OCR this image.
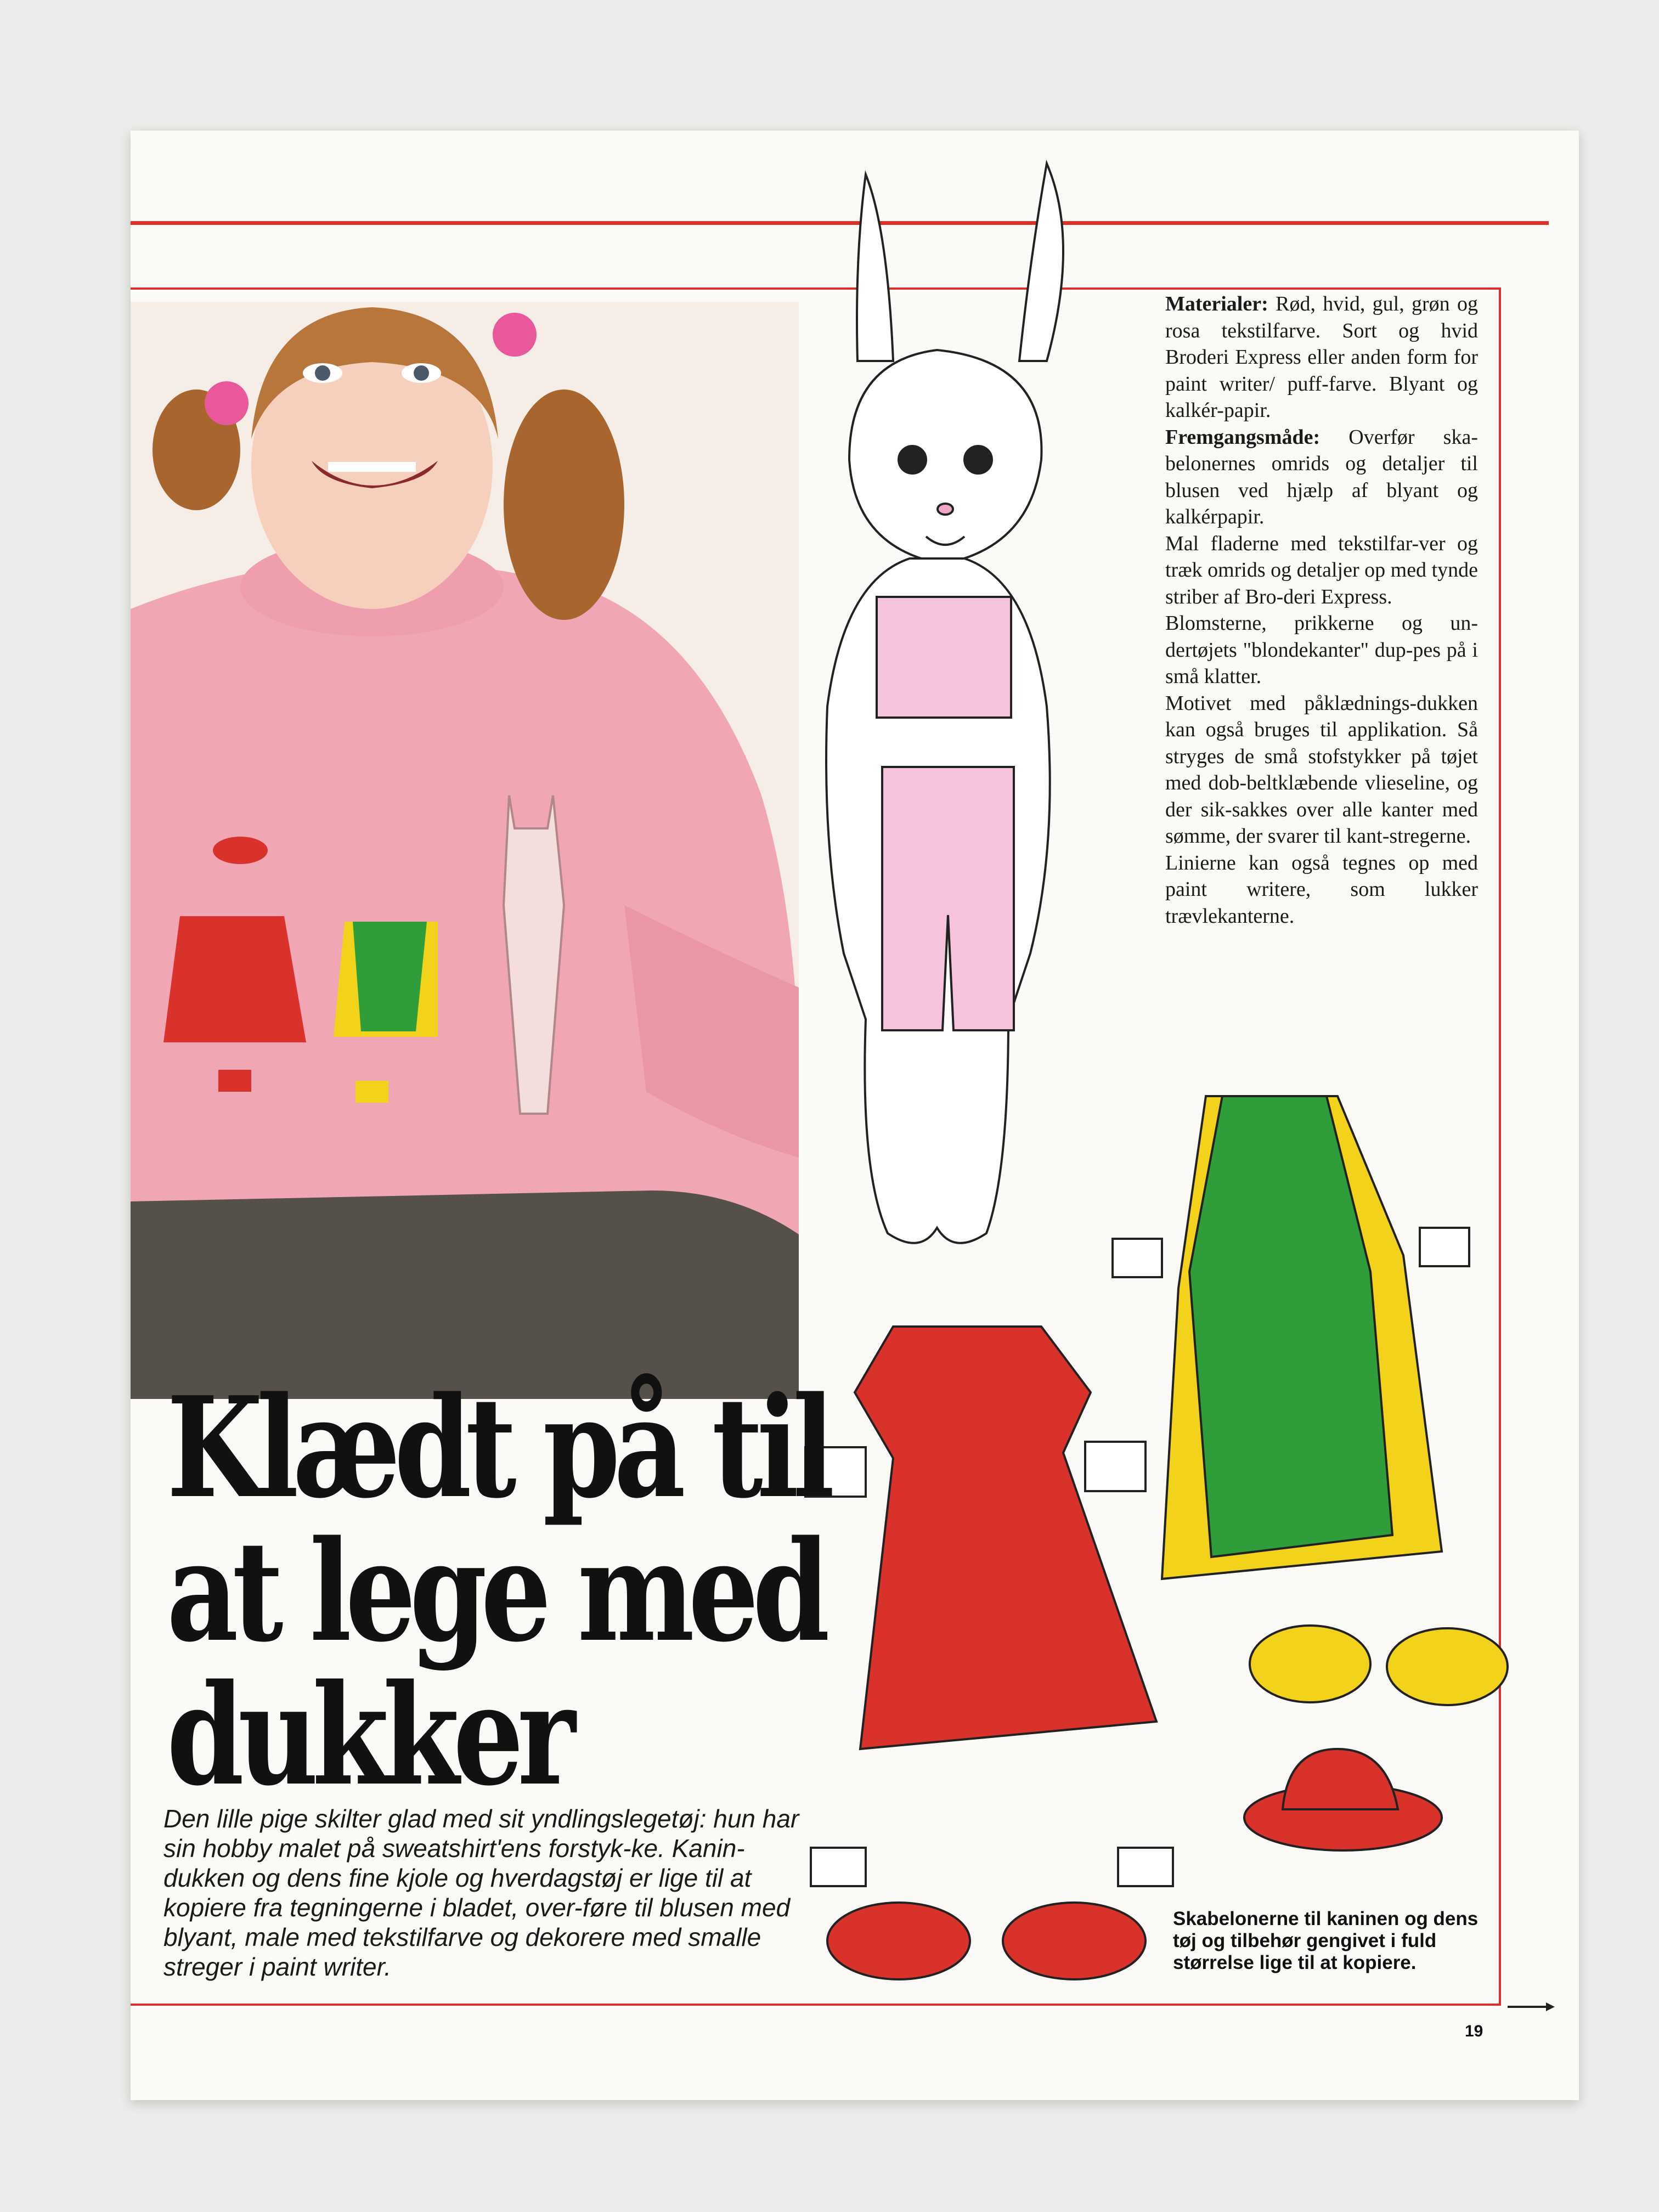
Klædt på til
at lege med
dukker
Den lille pige skilter glad med sit yndlingslegetøj: hun har sin hobby malet på sweatshirt'ens forstyk-ke. Kanin-dukken og dens fine kjole og hverdagstøj er lige til at kopiere fra tegningerne i bladet, over-føre til blusen med blyant, male med tekstilfarve og dekorere med smalle streger i paint writer.

Materialer: Rød, hvid, gul, grøn og rosa tekstilfarve. Sort og hvid Broderi Express eller anden form for paint writer/ puff-farve. Blyant og kalkér-papir.

Fremgangsmåde: Overfør ska-belonernes omrids og detaljer til blusen ved hjælp af blyant og kalkérpapir.

Mal fladerne med tekstilfar-ver og træk omrids og detaljer op med tynde striber af Bro-deri Express.

Blomsterne, prikkerne og un-dertøjets "blondekanter" dup-pes på i små klatter.

Motivet med påklædnings-dukken kan også bruges til applikation. Så stryges de små stofstykker på tøjet med dob-beltklæbende vlieseline, og der sik-sakkes over alle kanter med sømme, der svarer til kant-stregerne.

Linierne kan også tegnes op med paint writere, som lukker trævlekanterne.

Skabelonerne til kaninen og dens tøj og tilbehør gengivet i fuld størrelse lige til at kopiere.
19
